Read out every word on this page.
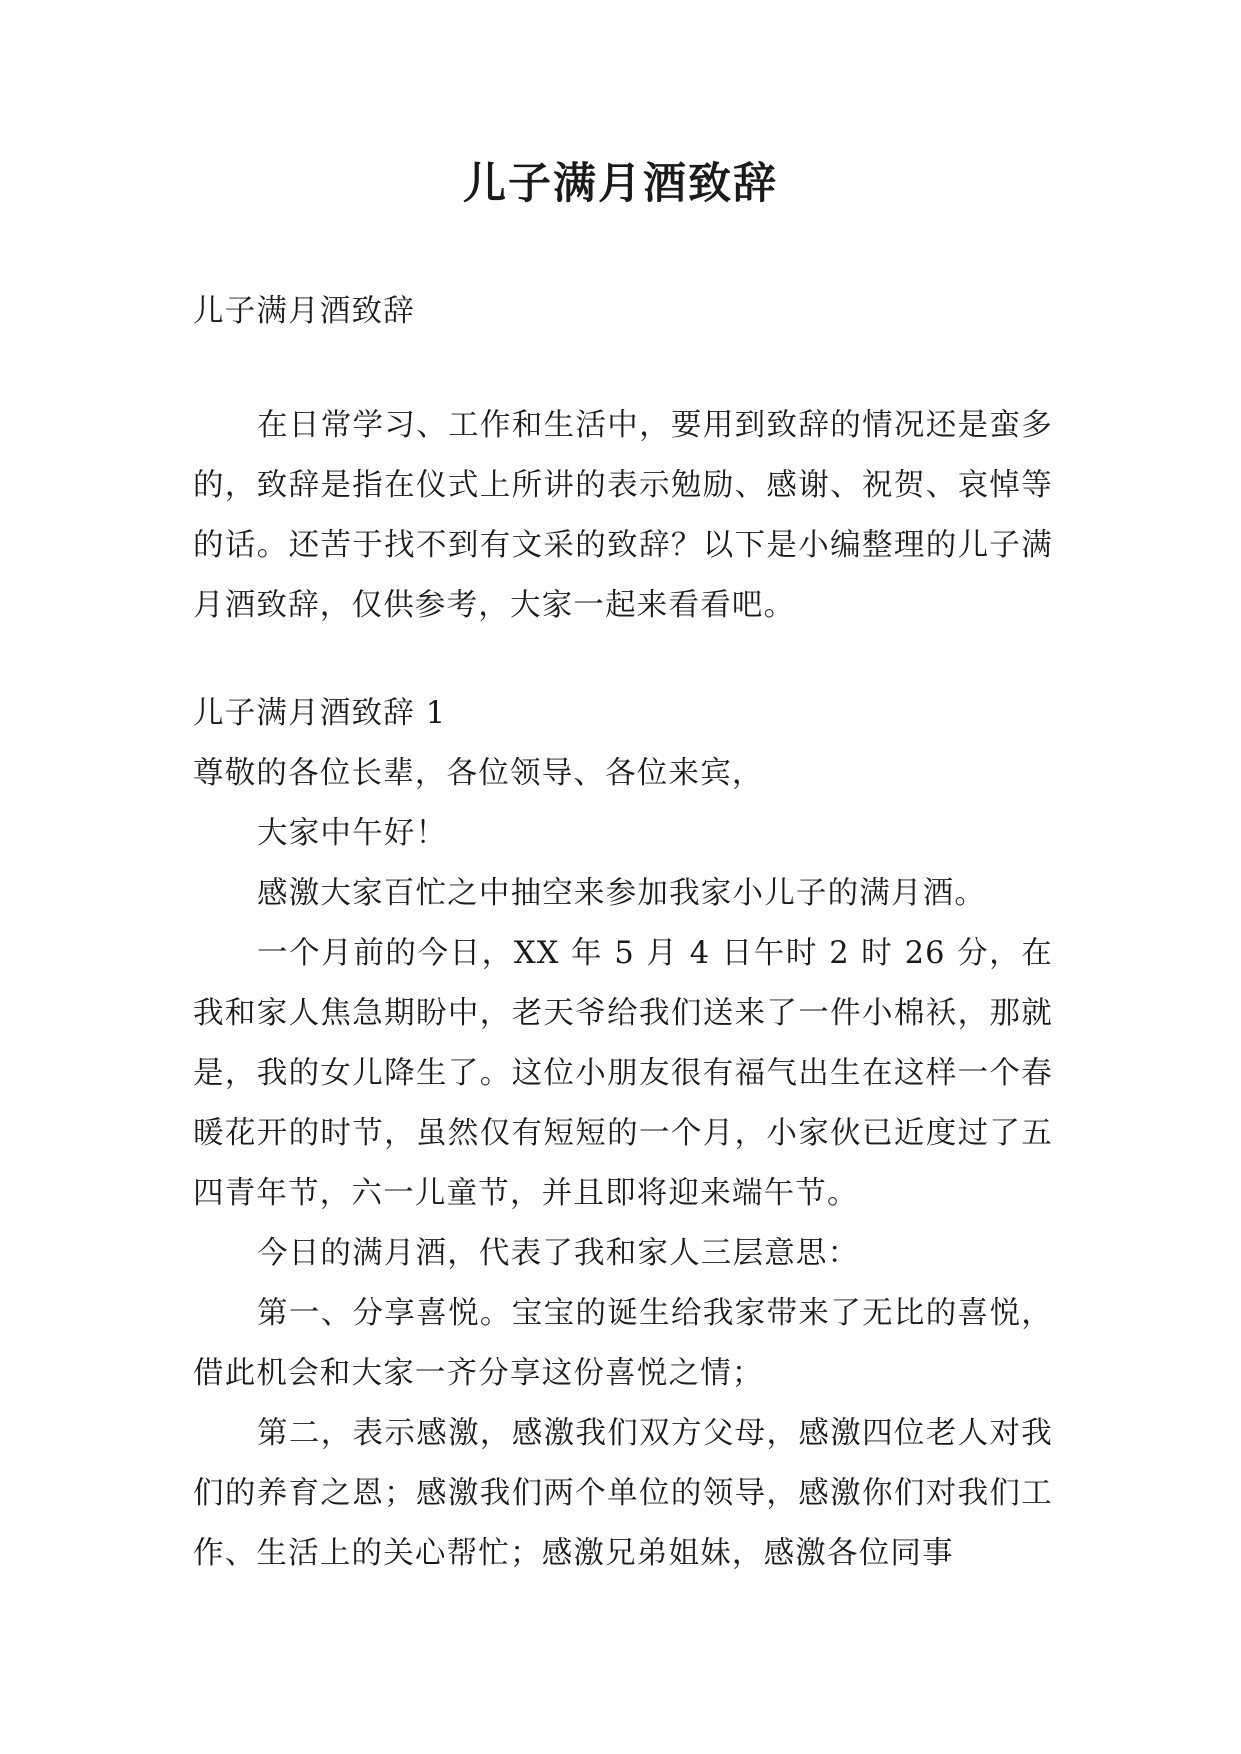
儿子满月酒致辞

儿子满月酒致辞

在日常学习、工作和生活中，要用到致辞的情况还是蛮多的，致辞是指在仪式上所讲的表示勉励、感谢、祝贺、哀悼等的话。还苦于找不到有文采的致辞？以下是小编整理的儿子满月酒致辞，仅供参考，大家一起来看看吧。

儿子满月酒致辞 1

尊敬的各位长辈，各位领导、各位来宾，

大家中午好！

感激大家百忙之中抽空来参加我家小儿子的满月酒。

一个月前的今日，XX 年 5 月 4 日午时 2 时 26 分，在我和家人焦急期盼中，老天爷给我们送来了一件小棉袄，那就是，我的女儿降生了。这位小朋友很有福气出生在这样一个春暖花开的时节，虽然仅有短短的一个月，小家伙已近度过了五四青年节，六一儿童节，并且即将迎来端午节。

今日的满月酒，代表了我和家人三层意思：

第一、分享喜悦。宝宝的诞生给我家带来了无比的喜悦，借此机会和大家一齐分享这份喜悦之情；

第二，表示感激，感激我们双方父母，感激四位老人对我们的养育之恩；感激我们两个单位的领导，感激你们对我们工作、生活上的关心帮忙；感激兄弟姐妹，感激各位同事
